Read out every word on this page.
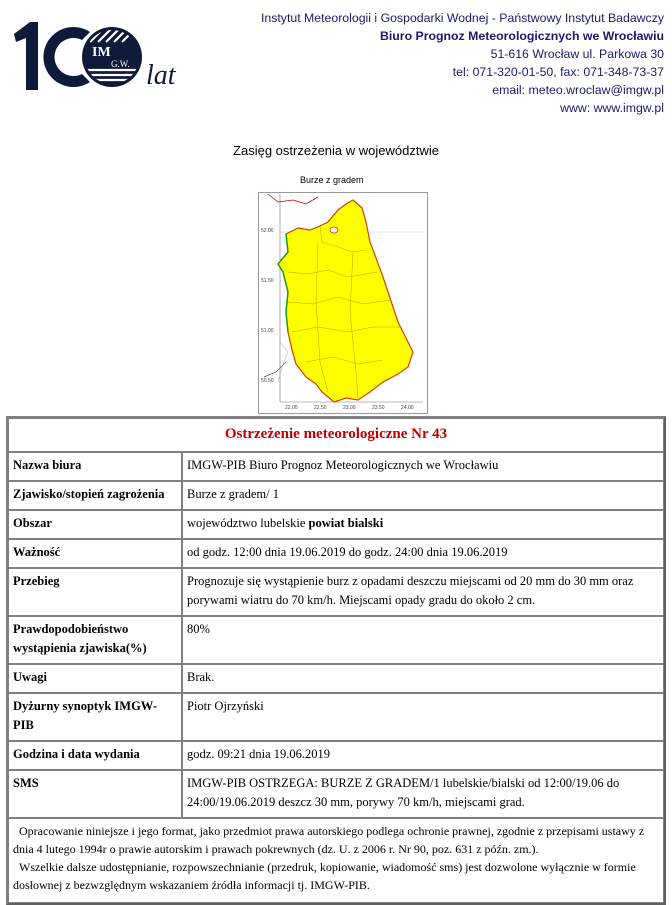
IM
G.W. lat
Instytut Meteorologii i Gospodarki Wodnej - Państwowy Instytut Badawczy
Biuro Prognoz Meteorologicznych we Wrocławiu
51-616 Wrocław ul. Parkowa 30
tel: 071-320-01-50, fax: 071-348-73-37
email: meteo.wroclaw@imgw.pl
www: www.imgw.pl
Zasięg ostrzeżenia w województwie
Burze z gradem
52.00
51.50
51.00
50.50
22.00	22.50	23.00	23.50	24.00
Ostrzeżenie meteorologiczne Nr 43	
Nazwa biura	IMGW-PIB Biuro Prognoz Meteorologicznych we Wrocławiu
Zjawisko/stopień zagrożenia	Burze z gradem/ 1
Obszar	województwo lubelskie powiat bialski
Ważność	od godz. 12:00 dnia 19.06.2019 do godz. 24:00 dnia 19.06.2019
Przebieg	Prognozuje się wystąpienie burz z opadami deszczu miejscami od 20 mm do 30 mm oraz porywami wiatru do 70 km/h. Miejscami opady gradu do około 2 cm.
Prawdopodobieństwo wystąpienia zjawiska(%)	80%
Uwagi	Brak.
Dyżurny synoptyk IMGW-PIB	Piotr Ojrzyński
Godzina i data wydania	godz. 09:21 dnia 19.06.2019
SMS	IMGW-PIB OSTRZEGA: BURZE Z GRADEM/1 lubelskie/bialski od 12:00/19.06 do 24:00/19.06.2019 deszcz 30 mm, porywy 70 km/h, miejscami grad.

Opracowanie niniejsze i jego format, jako przedmiot prawa autorskiego podlega ochronie prawnej, zgodnie z przepisami ustawy z dnia 4 lutego 1994r o prawie autorskim i prawach pokrewnych (dz. U. z 2006 r. Nr 90, poz. 631 z późn. zm.).
Wszelkie dalsze udostępnianie, rozpowszechnianie (przedruk, kopiowanie, wiadomość sms) jest dozwolone wyłącznie w formie dosłownej z bezwzględnym wskazaniem źródła informacji tj. IMGW-PIB.	
